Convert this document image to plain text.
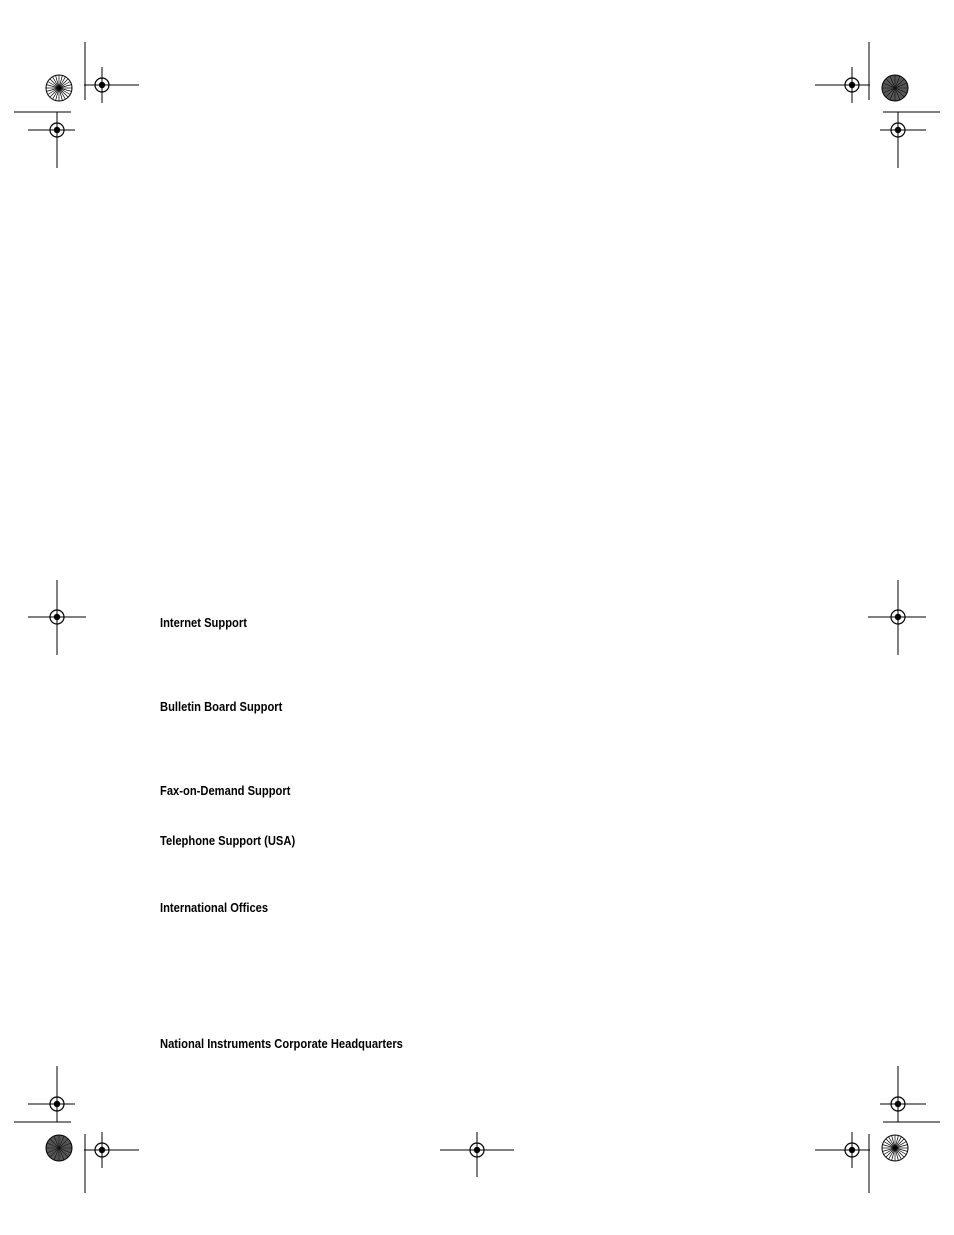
Internet Support

Bulletin Board Support

Fax-on-Demand Support

Telephone Support (USA)

International Offices

National Instruments Corporate Headquarters
